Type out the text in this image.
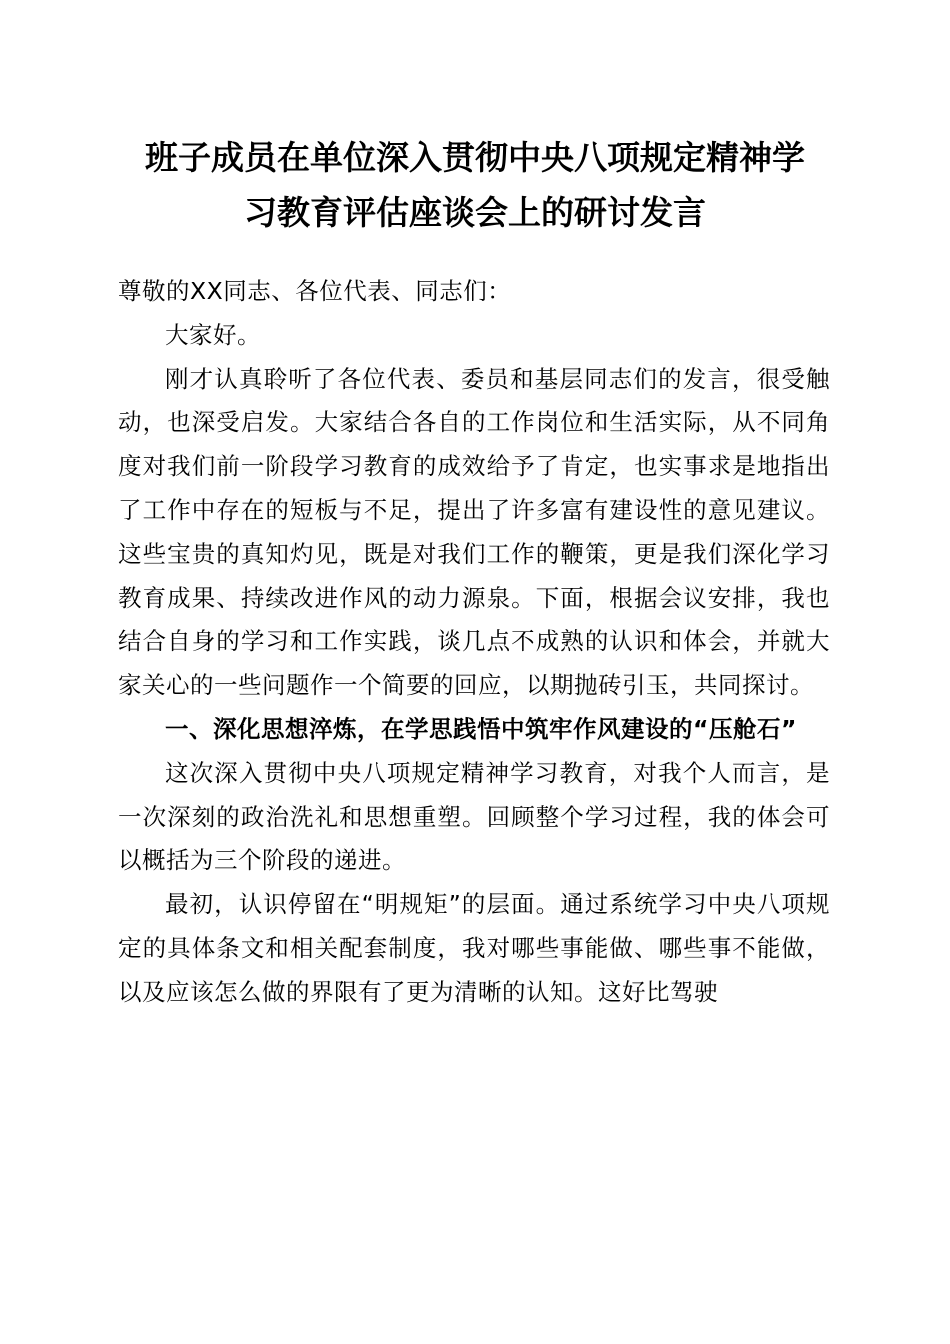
班子成员在单位深入贯彻中央八项规定精神学
习教育评估座谈会上的研讨发言

尊敬的XX同志、各位代表、同志们：

大家好。

刚才认真聆听了各位代表、委员和基层同志们的发言，很受触动，也深受启发。大家结合各自的工作岗位和生活实际，从不同角度对我们前一阶段学习教育的成效给予了肯定，也实事求是地指出了工作中存在的短板与不足，提出了许多富有建设性的意见建议。这些宝贵的真知灼见，既是对我们工作的鞭策，更是我们深化学习教育成果、持续改进作风的动力源泉。下面，根据会议安排，我也结合自身的学习和工作实践，谈几点不成熟的认识和体会，并就大家关心的一些问题作一个简要的回应，以期抛砖引玉，共同探讨。

一、深化思想淬炼，在学思践悟中筑牢作风建设的“压舱石”

这次深入贯彻中央八项规定精神学习教育，对我个人而言，是一次深刻的政治洗礼和思想重塑。回顾整个学习过程，我的体会可以概括为三个阶段的递进。

最初，认识停留在“明规矩”的层面。通过系统学习中央八项规定的具体条文和相关配套制度，我对哪些事能做、哪些事不能做，以及应该怎么做的界限有了更为清晰的认知。这好比驾驶
